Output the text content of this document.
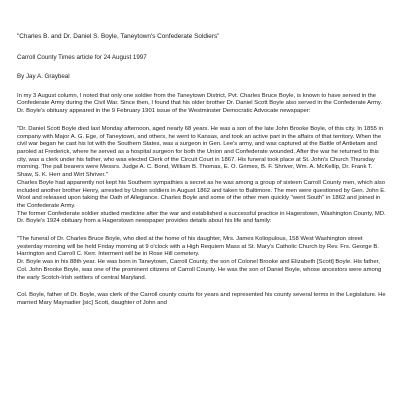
"Charles B. and Dr. Daniel S. Boyle, Taneytown's Confederate Soldiers"

Carroll County Times article for 24 August 1997

By Jay A. Graybeal

In my 3 August column, I noted that only one soldier from the Taneytown District, Pvt. Charles Bruce Boyle, is known to have served in the Confederate Army during the Civil War. Since then, I found that his older brother Dr. Daniel Scott Boyle also served in the Confederate Army. Dr. Boyle's obituary appeared in the 9 February 1901 issue of the Westminster Democratic Advocate newspaper:

"Dr. Daniel Scott Boyle died last Monday afternoon, aged nearly 68 years. He was a son of the late John Brooke Boyle, of this city. In 1855 in company with Major A. G. Ege, of Taneytown, and others, he went to Kansas, and took an active part in the affairs of that territory. When the civil war began he cast his lot with the Southern States, was a surgeon in Gen. Lee's army, and was captured at the Battle of Antietam and paroled at Frederick, where he served as a hospital surgeon for both the Union and Confederate wounded. After the war he returned to this city, was a clerk under his father, who was elected Clerk of the Circuit Court in 1867. His funeral took place at St. John's Church Thursday morning. The pall bearers were Messrs. Judge A. C. Bond, William B. Thomas, E. O. Grimes, B. F. Shriver, Wm. A. McKellip, Dr. Frank T. Shaw, S. K. Herr and Wirt Shriver."
Charles Boyle had apparently not kept his Southern sympathies a secret as he was among a group of sixteen Carroll County men, which also included another brother Henry, arrested by Union soldiers in August 1862 and taken to Baltimore. The men were questioned by Gen. John E. Wool and released upon taking the Oath of Allegiance. Charles Boyle and some of the other men quickly "went South" in 1862 and joined in the Confederate Army.
The former Confederate soldier studied medicine after the war and established a successful practice in Hagerstown, Washington County, MD. Dr. Boyle's 1924 obituary from a Hagerstown newspaper provides details about his life and family:

"The funeral of Dr. Charles Bruce Boyle, who died at the home of his daughter, Mrs. James Koliopulous, 158 West Washington street yesterday morning will be held Friday morning at 9 o'clock with a High Requiem Mass at St. Mary's Catholic Church by Rev. Frs. George B. Harrington and Carroll C. Kerr. Interment will be in Rose Hill cemetery.
Dr. Boyle was in his 88th year. He was born in Taneytown, Carroll County, the son of Colonel Brooke and Elizabeth [Scott] Boyle. His father, Col. John Brooke Boyle, was one of the prominent citizens of Carroll County. He was the son of Daniel Boyle, whose ancestors were among the early Scotch-Irish settlers of central Maryland.

Col. Boyle, father of Dr. Boyle, was clerk of the Carroll county courts for years and represented his county several terms in the Legislature. He married Mary Maynadier [sic] Scott, daughter of John and
